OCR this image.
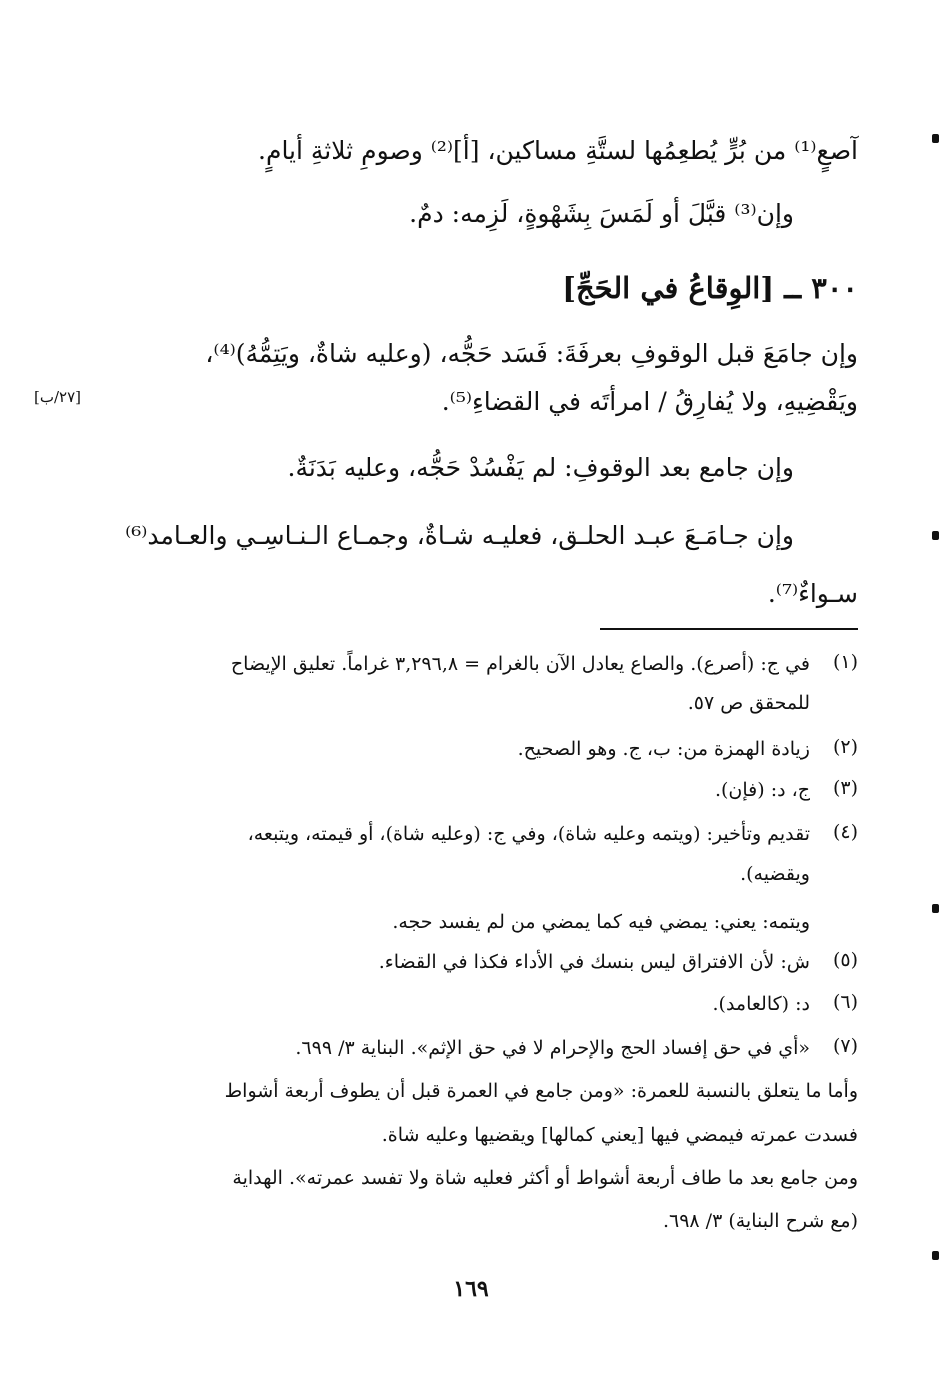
آصعٍ⁽¹⁾ من بُرٍّ يُطعِمُها لستَّةِ مساكين، [أ]⁽²⁾ وصومِ ثلاثةِ أيامٍ.
وإن⁽³⁾ قبَّلَ أو لَمَسَ بِشَهْوةٍ، لَزِمه: دمٌ.
٣٠٠ ــ [الوِقاعُ في الحَجِّ]
وإن جامَعَ قبل الوقوفِ بعرفَةَ: فَسَد حَجُّه، (وعليه شاةٌ، ويَتِمُّهُ)⁽⁴⁾،
ويَقْضِيهِ، ولا يُفارِقُ / امرأتَه في القضاءِ⁽⁵⁾.
[٢٧/ب]
وإن جامع بعد الوقوفِ: لم يَفْسُدْ حَجُّه، وعليه بَدَنَةٌ.
وإن جـامَـعَ عبـد الحلـق، فعليـه شـاةٌ، وجمـاع الـنـاسِـي والعـامد⁽⁶⁾
سـواءٌ⁽⁷⁾.
(١)
في ج: (أصرع). والصاع يعادل الآن بالغرام = ٣,٢٩٦,٨ غراماً. تعليق الإيضاح
للمحقق ص ٥٧.
(٢)
زيادة الهمزة من: ب، ج. وهو الصحيح.
(٣)
ج، د: (فإن).
(٤)
تقديم وتأخير: (ويتمه وعليه شاة)، وفي ج: (وعليه شاة)، أو قيمته، ويتبعه،
ويقضيه).
ويتمه: يعني: يمضي فيه كما يمضي من لم يفسد حجه.
(٥)
ش: لأن الافتراق ليس بنسك في الأداء فكذا في القضاء.
(٦)
د: (كالعامد).
(٧)
«أي في حق إفساد الحج والإحرام لا في حق الإثم». البناية ٣/ ٦٩٩.
وأما ما يتعلق بالنسبة للعمرة: «ومن جامع في العمرة قبل أن يطوف أربعة أشواط
فسدت عمرته فيمضي فيها [يعني كمالها] ويقضيها وعليه شاة.
ومن جامع بعد ما طاف أربعة أشواط أو أكثر فعليه شاة ولا تفسد عمرته». الهداية
(مع شرح البناية) ٣/ ٦٩٨.
١٦٩
